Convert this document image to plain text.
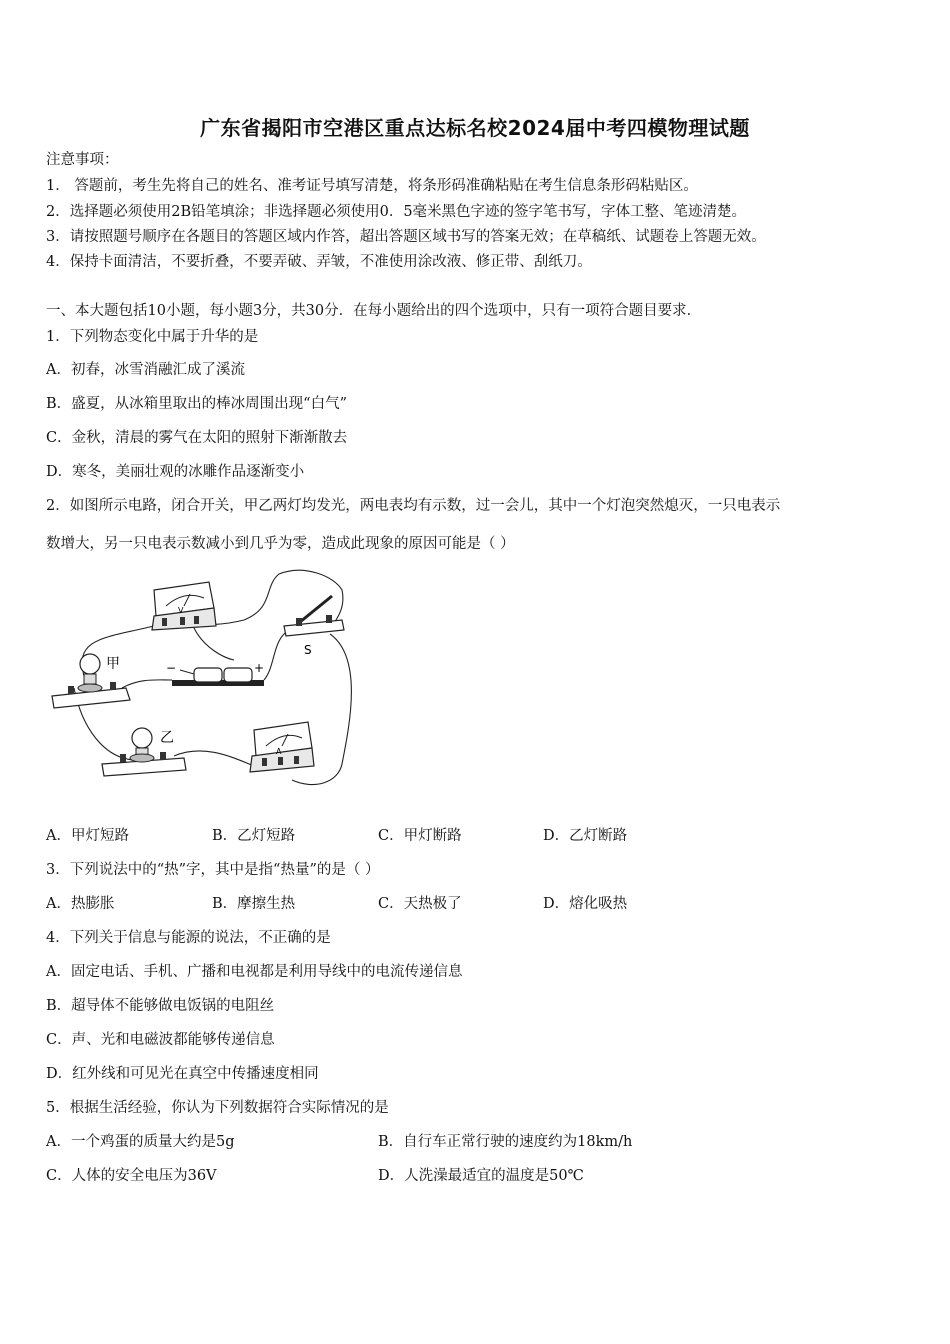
广东省揭阳市空港区重点达标名校2024届中考四模物理试题
注意事项：
1． 答题前，考生先将自己的姓名、准考证号填写清楚，将条形码准确粘贴在考生信息条形码粘贴区。
2．选择题必须使用2B铅笔填涂；非选择题必须使用0．5毫米黑色字迹的签字笔书写，字体工整、笔迹清楚。
3．请按照题号顺序在各题目的答题区域内作答，超出答题区域书写的答案无效；在草稿纸、试题卷上答题无效。
4．保持卡面清洁，不要折叠，不要弄破、弄皱，不准使用涂改液、修正带、刮纸刀。
一、本大题包括10小题，每小题3分，共30分．在每小题给出的四个选项中，只有一项符合题目要求．
1．下列物态变化中属于升华的是
A．初春，冰雪消融汇成了溪流
B．盛夏，从冰箱里取出的棒冰周围出现“白气”
C．金秋，清晨的雾气在太阳的照射下渐渐散去
D．寒冬，美丽壮观的冰雕作品逐渐变小
2．如图所示电路，闭合开关，甲乙两灯均发光，两电表均有示数，过一会儿，其中一个灯泡突然熄灭，一只电表示
数增大，另一只电表示数减小到几乎为零，造成此现象的原因可能是（ ）
V
S
−	+
甲
乙
A
A．甲灯短路	B．乙灯短路	C．甲灯断路	D．乙灯断路
3．下列说法中的“热”字，其中是指“热量”的是（ ）
A．热膨胀	B．摩擦生热	C．天热极了	D．熔化吸热
4．下列关于信息与能源的说法，不正确的是
A．固定电话、手机、广播和电视都是利用导线中的电流传递信息
B．超导体不能够做电饭锅的电阻丝
C．声、光和电磁波都能够传递信息
D．红外线和可见光在真空中传播速度相同
5．根据生活经验，你认为下列数据符合实际情况的是
A．一个鸡蛋的质量大约是5g	B．自行车正常行驶的速度约为18km/h
C．人体的安全电压为36V	D．人洗澡最适宜的温度是50℃
